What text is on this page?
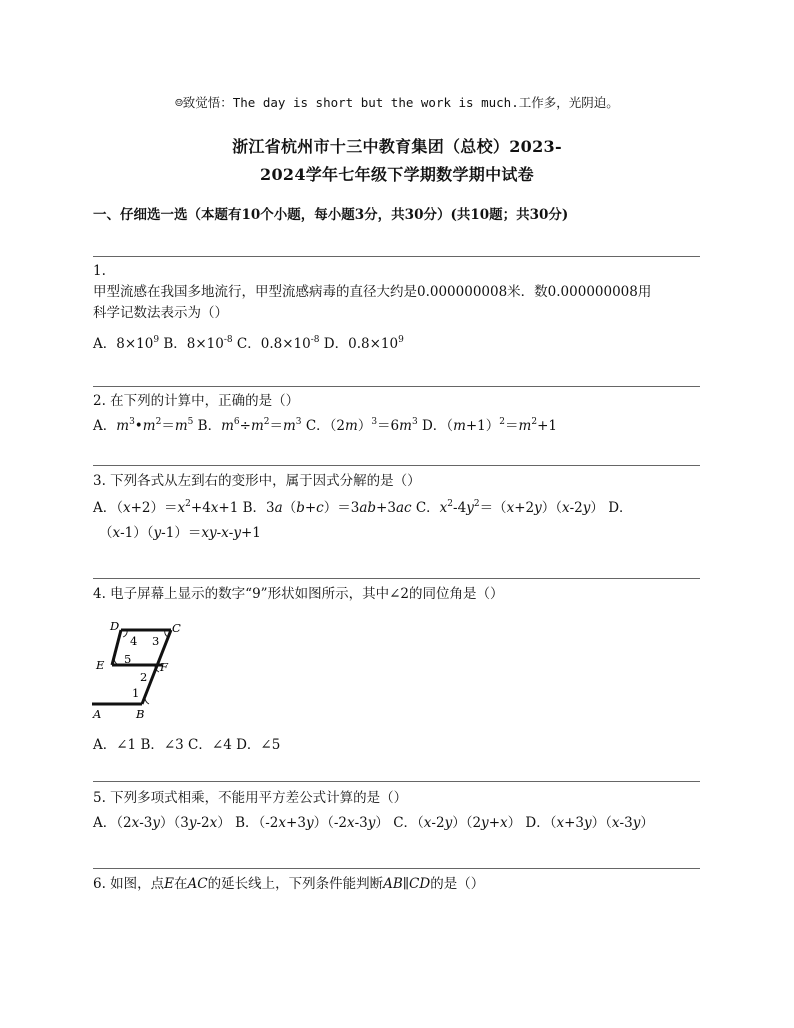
☺致觉悟：The day is short but the work is much.工作多，光阴迫。
浙江省杭州市十三中教育集团（总校）2023-
2024学年七年级下学期数学期中试卷
一、仔细选一选（本题有10个小题，每小题3分，共30分）(共10题；共30分)
1.
甲型流感在我国多地流行，甲型流感病毒的直径大约是0.000000008米．数0.000000008用
科学记数法表示为（）
A．$8\times 10^9$ B．$8\times 10^{-8}$ C．$0.8\times 10^{-8}$ D．$0.8\times 10^9$
2. 在下列的计算中，正确的是（）
A．$m^3•m^2=m^5$ B．$m^6\div m^2=m^3$ C．$(2m)^3=6m^3$ D．$(m+1)^2=m^2+1$
3. 下列各式从左到右的变形中，属于因式分解的是（）
A．$(x+2)=x^2+4x+1$ B．3a（b+c）＝3ab+3ac C．$x^2-4y^2=(x+2y)(x-2y)$ D．
（x-1）（y-1）＝xy-x-y+1
4. 电子屏幕上显示的数字“9”形状如图所示，其中∠2的同位角是（）
D	C
E	F
A	B
4 3
5
2
1
A．∠1 B．∠3 C．∠4 D．∠5
5. 下列多项式相乘，不能用平方差公式计算的是（）
A．（2x-3y）（3y-2x） B．（-2x+3y）（-2x-3y） C．（x-2y）（2y+x） D．（x+3y）（x-3y）
6. 如图，点E在AC的延长线上，下列条件能判断AB∥CD的是（）
